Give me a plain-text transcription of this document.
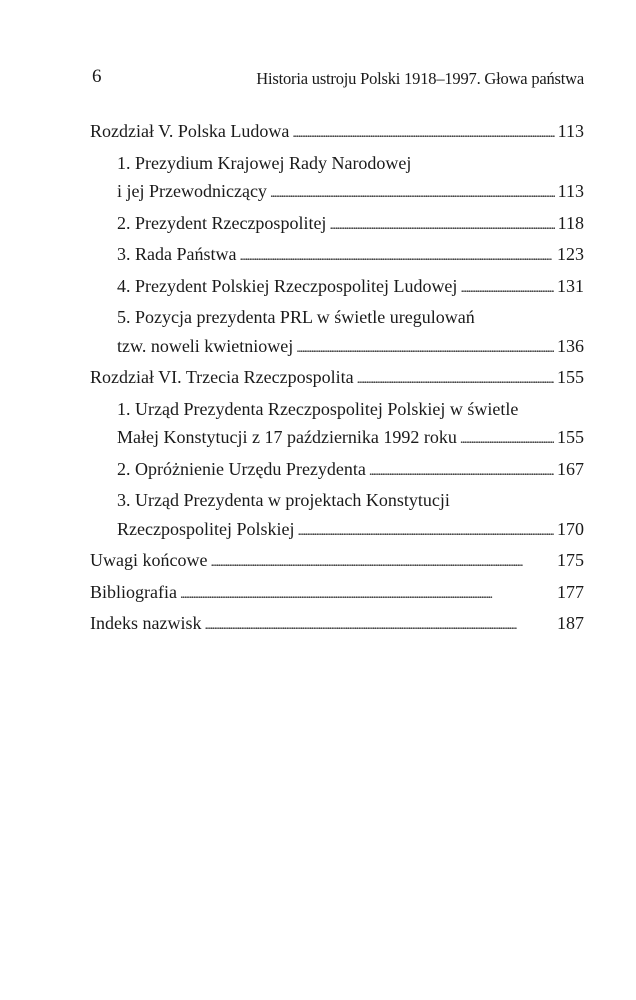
6	Historia ustroju Polski 1918–1997. Głowa państwa
Rozdział V. Polska Ludowa . . .	113
1. Prezydium Krajowej Rady Narodowej
i jej Przewodniczący . . .	113
2. Prezydent Rzeczpospolitej . . .	118
3. Rada Państwa . . .	123
4. Prezydent Polskiej Rzeczpospolitej Ludowej . . .	131
5. Pozycja prezydenta PRL w świetle uregulowań
tzw. noweli kwietniowej . . .	136
Rozdział VI. Trzecia Rzeczpospolita . . .	155
1. Urząd Prezydenta Rzeczpospolitej Polskiej w świetle
Małej Konstytucji z 17 października 1992 roku . . .	155
2. Opróżnienie Urzędu Prezydenta . . .	167
3. Urząd Prezydenta w projektach Konstytucji
Rzeczpospolitej Polskiej . . .	170
Uwagi końcowe . . .	175
Bibliografia . . .	177
Indeks nazwisk . . .	187
